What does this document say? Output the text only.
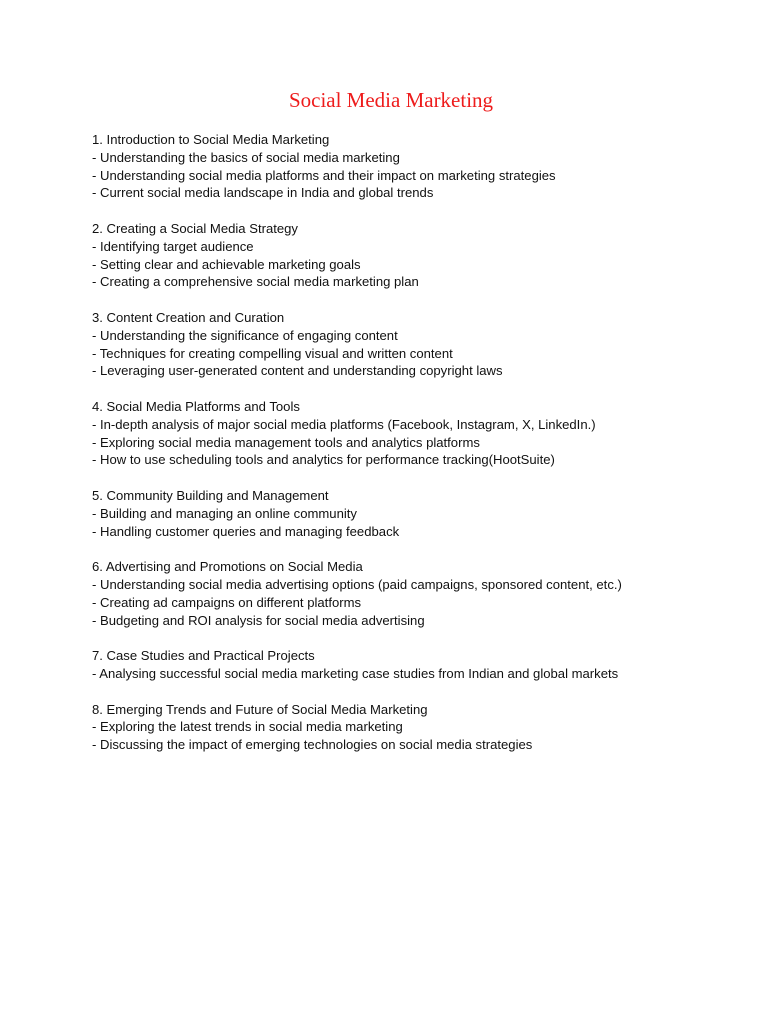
Social Media Marketing
1. Introduction to Social Media Marketing
- Understanding the basics of social media marketing
- Understanding social media platforms and their impact on marketing strategies
- Current social media landscape in India and global trends
2. Creating a Social Media Strategy
- Identifying target audience
- Setting clear and achievable marketing goals
- Creating a comprehensive social media marketing plan
3. Content Creation and Curation
- Understanding the significance of engaging content
- Techniques for creating compelling visual and written content
- Leveraging user-generated content and understanding copyright laws
4. Social Media Platforms and Tools
- In-depth analysis of major social media platforms (Facebook, Instagram, X, LinkedIn.)
- Exploring social media management tools and analytics platforms
- How to use scheduling tools and analytics for performance tracking(HootSuite)
5. Community Building and Management
- Building and managing an online community
- Handling customer queries and managing feedback
6. Advertising and Promotions on Social Media
- Understanding social media advertising options (paid campaigns, sponsored content, etc.)
- Creating ad campaigns on different platforms
- Budgeting and ROI analysis for social media advertising
7. Case Studies and Practical Projects
- Analysing successful social media marketing case studies from Indian and global markets
8. Emerging Trends and Future of Social Media Marketing
- Exploring the latest trends in social media marketing
- Discussing the impact of emerging technologies on social media strategies
